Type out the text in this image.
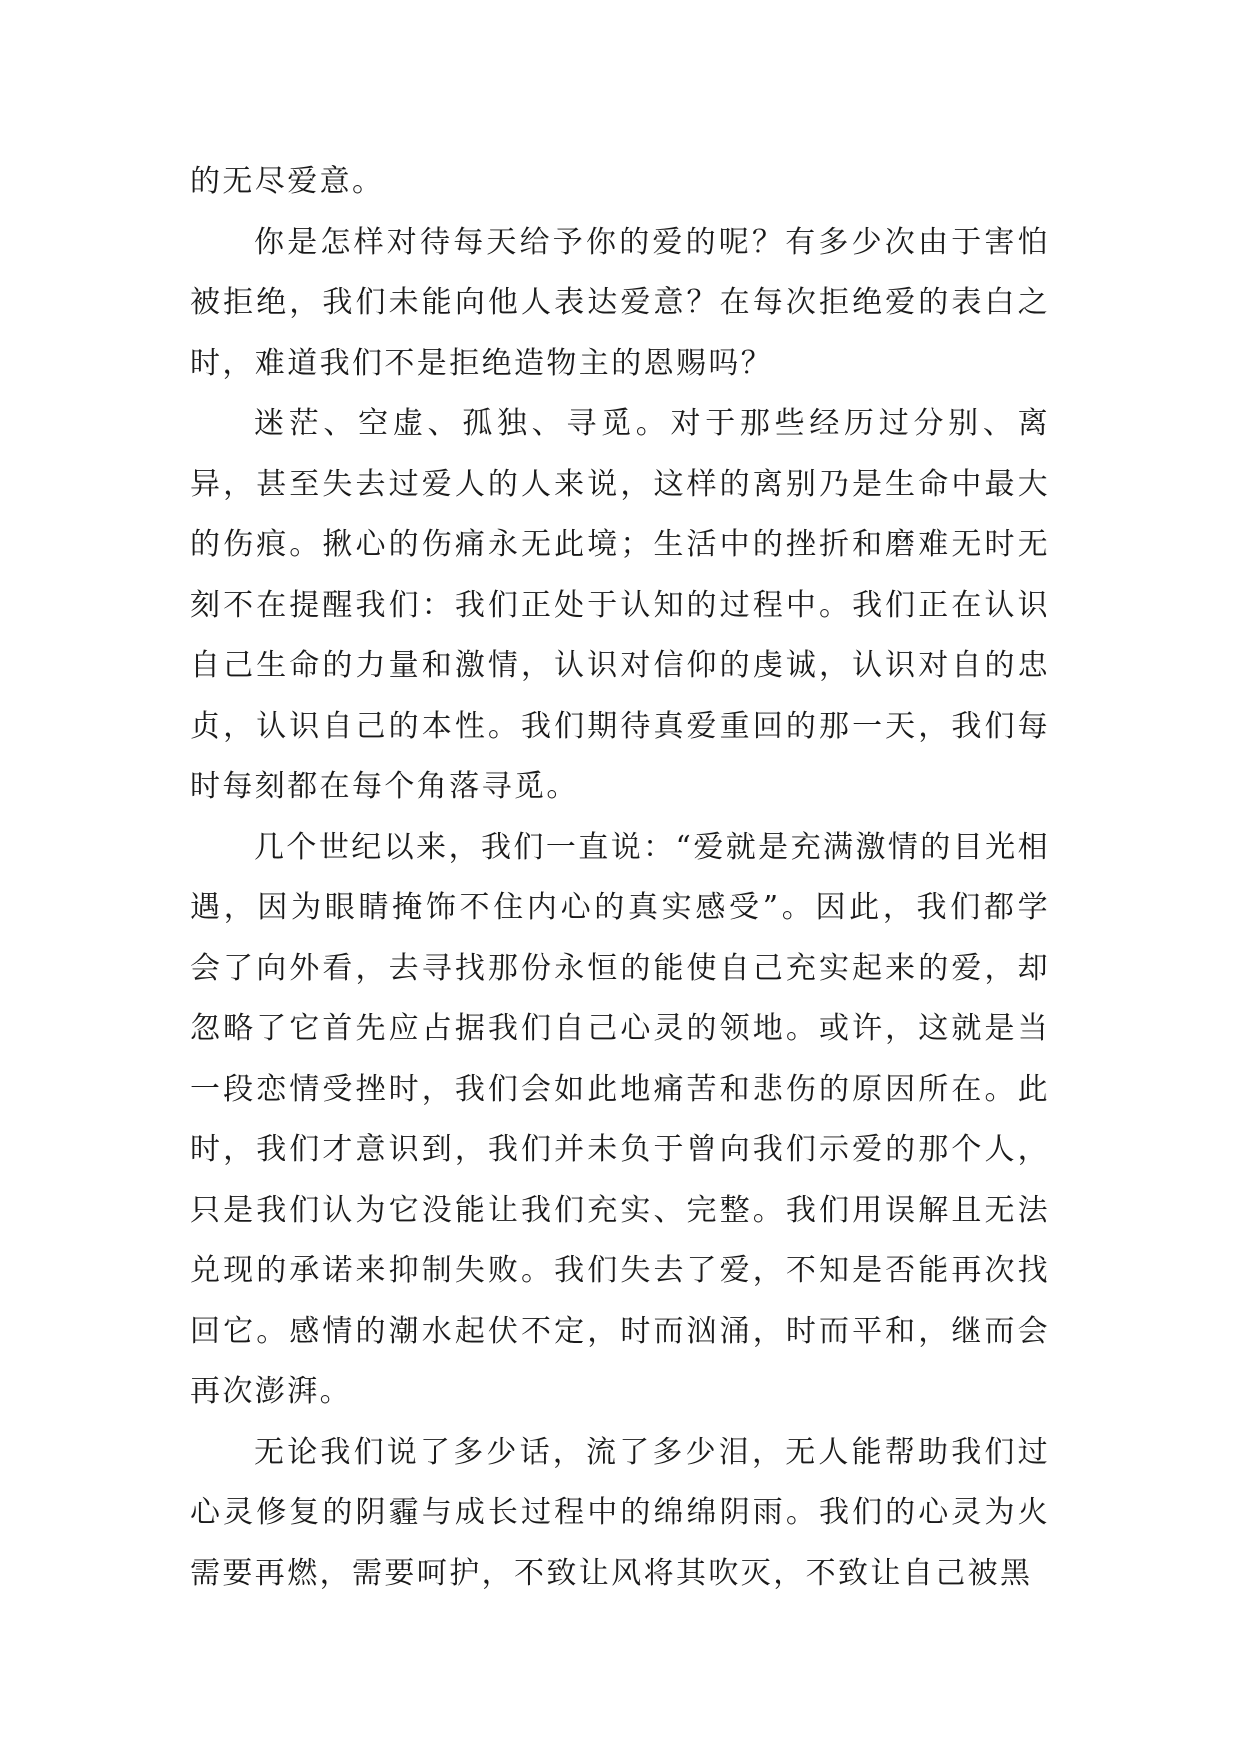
的无尽爱意。

你是怎样对待每天给予你的爱的呢？有多少次由于害怕被拒绝，我们未能向他人表达爱意？在每次拒绝爱的表白之时，难道我们不是拒绝造物主的恩赐吗？

迷茫、空虚、孤独、寻觅。对于那些经历过分别、离异，甚至失去过爱人的人来说，这样的离别乃是生命中最大的伤痕。揪心的伤痛永无此境；生活中的挫折和磨难无时无刻不在提醒我们：我们正处于认知的过程中。我们正在认识自己生命的力量和激情，认识对信仰的虔诚，认识对自的忠贞，认识自己的本性。我们期待真爱重回的那一天，我们每时每刻都在每个角落寻觅。

几个世纪以来，我们一直说：“爱就是充满激情的目光相遇，因为眼睛掩饰不住内心的真实感受”。因此，我们都学会了向外看，去寻找那份永恒的能使自己充实起来的爱，却忽略了它首先应占据我们自己心灵的领地。或许，这就是当一段恋情受挫时，我们会如此地痛苦和悲伤的原因所在。此时，我们才意识到，我们并未负于曾向我们示爱的那个人，只是我们认为它没能让我们充实、完整。我们用误解且无法兑现的承诺来抑制失败。我们失去了爱，不知是否能再次找回它。感情的潮水起伏不定，时而汹涌，时而平和，继而会再次澎湃。

无论我们说了多少话，流了多少泪，无人能帮助我们过心灵修复的阴霾与成长过程中的绵绵阴雨。我们的心灵为火需要再燃，需要呵护，不致让风将其吹灭，不致让自己被黑
